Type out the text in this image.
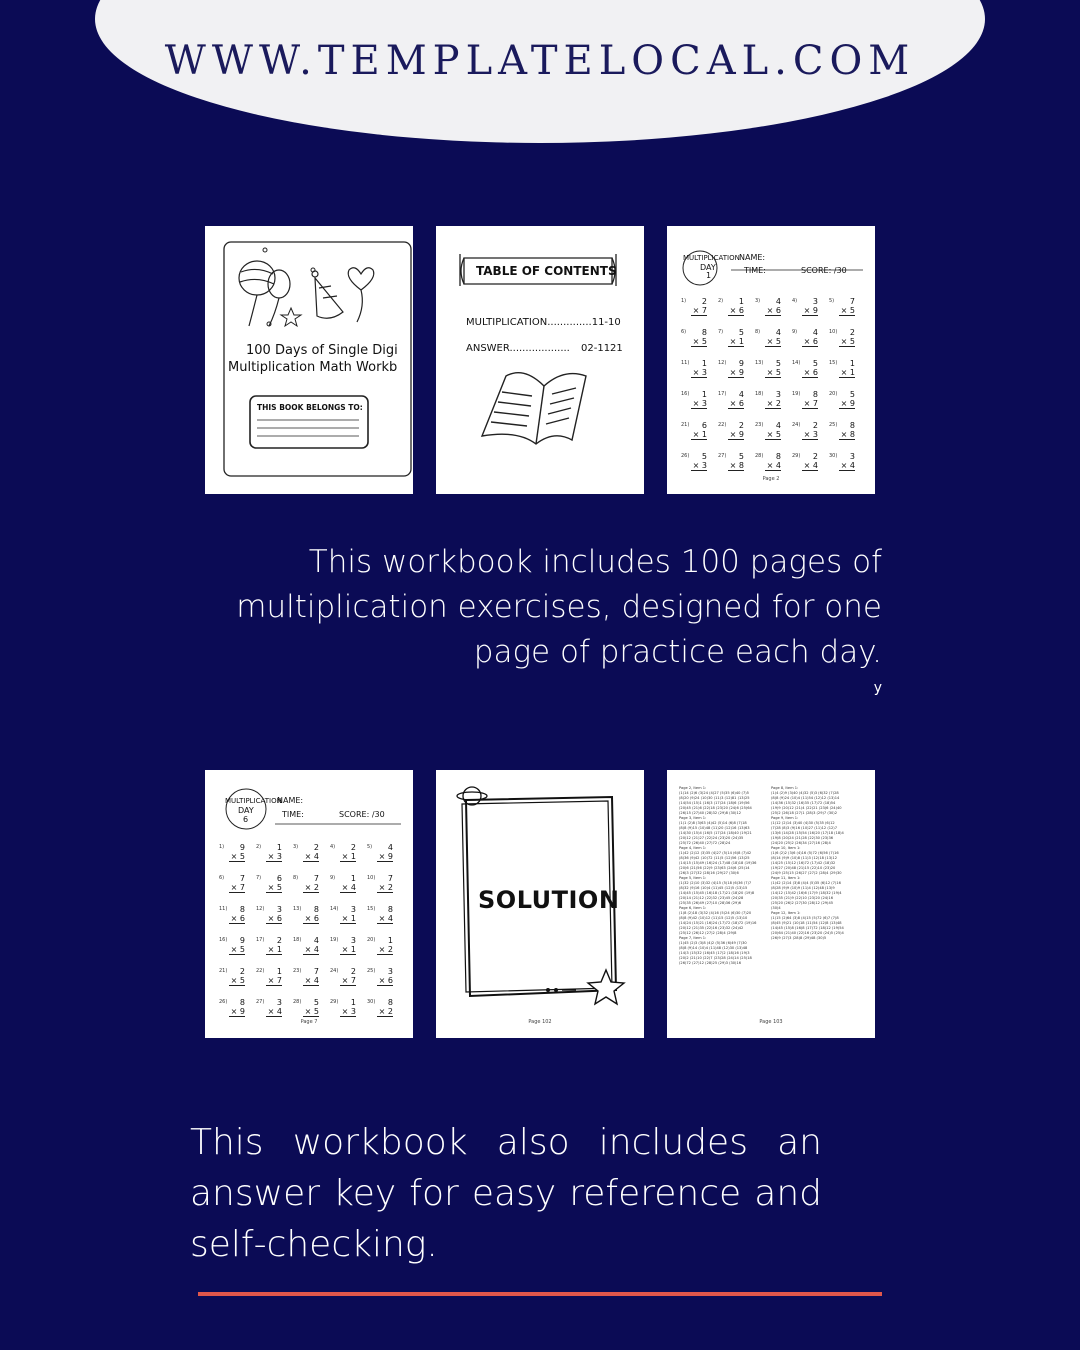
WWW.TEMPLATELOCAL.COM
100 Days of Single Digi
Multiplication Math Workb
THIS BOOK BELONGS TO:
TABLE OF CONTENTS
MULTIPLICATION..............11-10
ANSWER................... 02-1121
MULTIPLICATION
DAY
1
NAME:
TIME:	SCORE: /30
1)	2
× 7
2)	1
× 6
3)	4
× 6
4)	3
× 9
5)	7
× 5
6)	8
× 5
7)	5
× 1
8)	4
× 5
9)	4
× 6
10)	2
× 5
11)	1
× 3
12)	9
× 9
13)	5
× 5
14)	5
× 6
15)	1
× 1
16)	1
× 3
17)	4
× 6
18)	3
× 2
19)	8
× 7
20)	5
× 9
21)	6
× 1
22)	2
× 9
23)	4
× 5
24)	2
× 3
25)	8
× 8
26)	5
× 3
27)	5
× 8
28)	8
× 4
29)	2
× 4
30)	3
× 4
Page 2
This workbook includes 100 pages of multiplication exercises, designed for one page of practice each day.
y
MULTIPLICATION
DAY
6
NAME:
TIME:	SCORE: /30
1)	9
× 5
2)	1
× 3
3)	2
× 4
4)	2
× 1
5)	4
× 9
6)	7
× 7
7)	6
× 5
8)	7
× 2
9)	1
× 4
10)	7
× 2
11)	8
× 6
12)	3
× 6
13)	8
× 6
14)	3
× 1
15)	8
× 4
16)	9
× 5
17)	2
× 1
18)	4
× 4
19)	3
× 1
20)	1
× 2
21)	2
× 5
22)	1
× 7
23)	7
× 4
24)	2
× 7
25)	3
× 6
26)	8
× 9
27)	3
× 4
28)	5
× 5
29)	1
× 3
30)	8
× 2
Page 7
SOLUTION
Page 102
Page 2, Item 1:
(1)14 (2)6 (3)24 (4)27 (5)35 (6)40 (7)5
(8)20 (9)24 (10)30 (11)3 (12)81 (13)25
(14)54 (15)1 (16)3 (17)24 (18)6 (19)56
(20)45 (21)6 (22)18 (23)20 (24)6 (25)64
(26)15 (27)40 (28)32 (29)8 (30)12
Page 3, Item 1:
(1)1 (2)8 (3)63 (4)42 (5)14 (6)8 (7)18
(8)8 (9)15 (10)48 (11)20 (12)16 (13)63
(14)30 (15)4 (16)5 (17)24 (18)40 (19)21
(20)12 (21)27 (22)24 (23)20 (24)35
(25)72 (26)40 (27)72 (28)24
Page 4, Item 1:
(1)42 (2)12 (3)35 (4)27 (5)14 (6)8 (7)42
(8)36 (9)42 (10)72 (11)5 (12)56 (13)25
(14)15 (15)49 (16)24 (17)48 (18)18 (19)36
(20)6 (21)56 (22)9 (23)63 (24)6 (25)14
(26)3 (27)32 (28)16 (29)27 (30)6
Page 5, Item 1:
(1)32 (2)10 (3)32 (4)15 (5)18 (6)36 (7)7
(8)32 (9)16 (10)4 (11)45 (12)5 (13)15
(14)45 (15)45 (16)18 (17)21 (18)20 (19)8
(20)14 (21)12 (22)32 (23)45 (24)28
(25)35 (26)49 (27)10 (28)36 (29)6
Page 6, Item 1:
(1)8 (2)18 (3)32 (4)16 (5)24 (6)30 (7)20
(8)8 (9)42 (10)12 (11)15 (12)5 (13)10
(14)24 (15)21 (16)24 (17)72 (18)72 (19)16
(20)12 (21)35 (22)16 (23)32 (24)42
(25)12 (26)12 (27)2 (28)4 (29)8
Page 7, Item 1:
(1)45 (2)3 (3)8 (4)2 (5)36 (6)49 (7)30
(8)8 (9)14 (10)4 (11)48 (12)30 (13)48
(14)3 (15)32 (16)45 (17)2 (18)16 (19)3
(20)2 (21)10 (22)7 (23)28 (24)14 (25)18
(26)72 (27)12 (28)25 (29)3 (30)16
Page 8, Item 1:
(1)4 (2)9 (3)40 (4)32 (5)3 (6)32 (7)28
(8)8 (9)24 (10)4 (11)54 (12)12 (13)14
(14)36 (15)32 (16)35 (17)72 (18)54
(19)9 (20)12 (21)4 (22)21 (23)6 (24)40
(25)2 (26)18 (27)1 (28)3 (29)7 (30)2
Page 9, Item 1:
(1)12 (2)14 (3)40 (4)30 (5)35 (6)12
(7)28 (8)3 (9)16 (10)27 (11)12 (12)7
(13)6 (14)28 (15)54 (16)20 (17)18 (18)4
(19)8 (20)24 (21)28 (22)30 (23)36
(24)20 (25)2 (26)34 (27)16 (28)4
Page 10, Item 1:
(1)6 (2)2 (3)6 (4)16 (5)72 (6)56 (7)16
(8)14 (9)9 (10)8 (11)3 (12)18 (13)12
(14)25 (15)12 (16)72 (17)42 (18)32
(19)27 (20)48 (21)15 (22)10 (23)20
(24)9 (25)15 (26)27 (27)2 (28)4 (29)30
Page 11, Item 1:
(1)42 (2)14 (3)8 (4)4 (5)35 (6)12 (7)16
(8)28 (9)9 (10)9 (11)4 (12)48 (13)9
(14)12 (15)42 (16)6 (17)9 (18)32 (19)4
(20)35 (21)9 (22)10 (23)20 (24)16
(25)20 (26)2 (27)30 (28)12 (29)45
(30)4
Page 12, Item 1:
(1)15 (2)64 (3)8 (4)15 (5)72 (6)7 (7)8
(8)45 (9)21 (10)18 (11)54 (12)8 (13)48
(14)45 (15)8 (16)8 (17)72 (18)12 (19)54
(20)64 (21)40 (22)16 (23)20 (24)5 (25)4
(26)9 (27)3 (28)8 (29)48 (30)5
Page 103
This workbook also includes an answer key for easy reference and self-checking.
